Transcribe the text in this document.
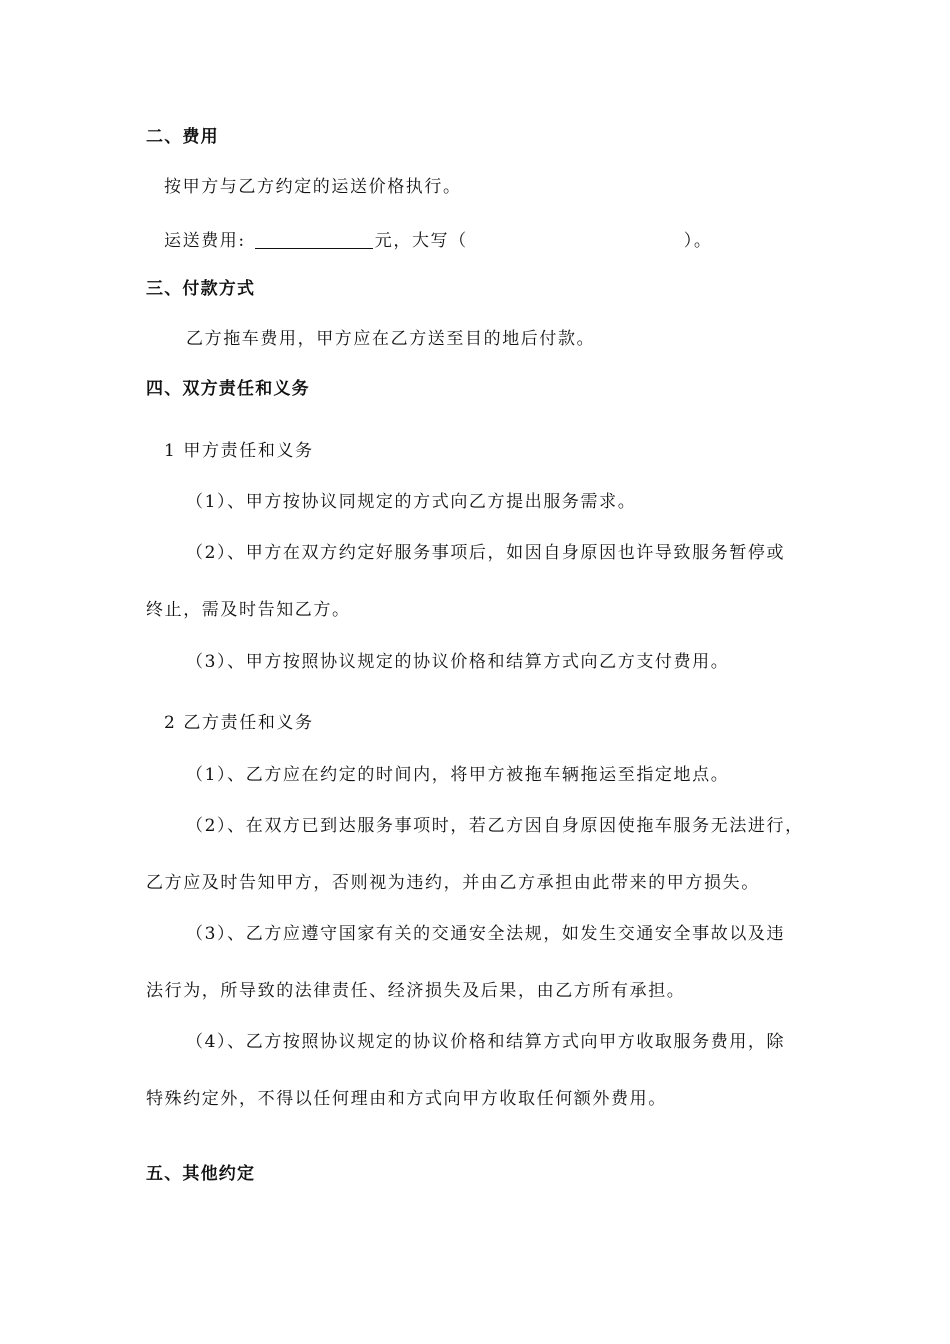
二、费用
按甲方与乙方约定的运送价格执行。
运送费用:	元，大写（	）。
三、付款方式
乙方拖车费用，甲方应在乙方送至目的地后付款。
四、双方责任和义务
1 甲方责任和义务
（1）、甲方按协议同规定的方式向乙方提出服务需求。
（2）、甲方在双方约定好服务事项后，如因自身原因也许导致服务暂停或
终止，需及时告知乙方。
（3）、甲方按照协议规定的协议价格和结算方式向乙方支付费用。
2 乙方责任和义务
（1）、乙方应在约定的时间内，将甲方被拖车辆拖运至指定地点。
（2）、在双方已到达服务事项时，若乙方因自身原因使拖车服务无法进行，
乙方应及时告知甲方，否则视为违约，并由乙方承担由此带来的甲方损失。
（3）、乙方应遵守国家有关的交通安全法规，如发生交通安全事故以及违
法行为，所导致的法律责任、经济损失及后果，由乙方所有承担。
（4）、乙方按照协议规定的协议价格和结算方式向甲方收取服务费用，除
特殊约定外，不得以任何理由和方式向甲方收取任何额外费用。
五、其他约定
